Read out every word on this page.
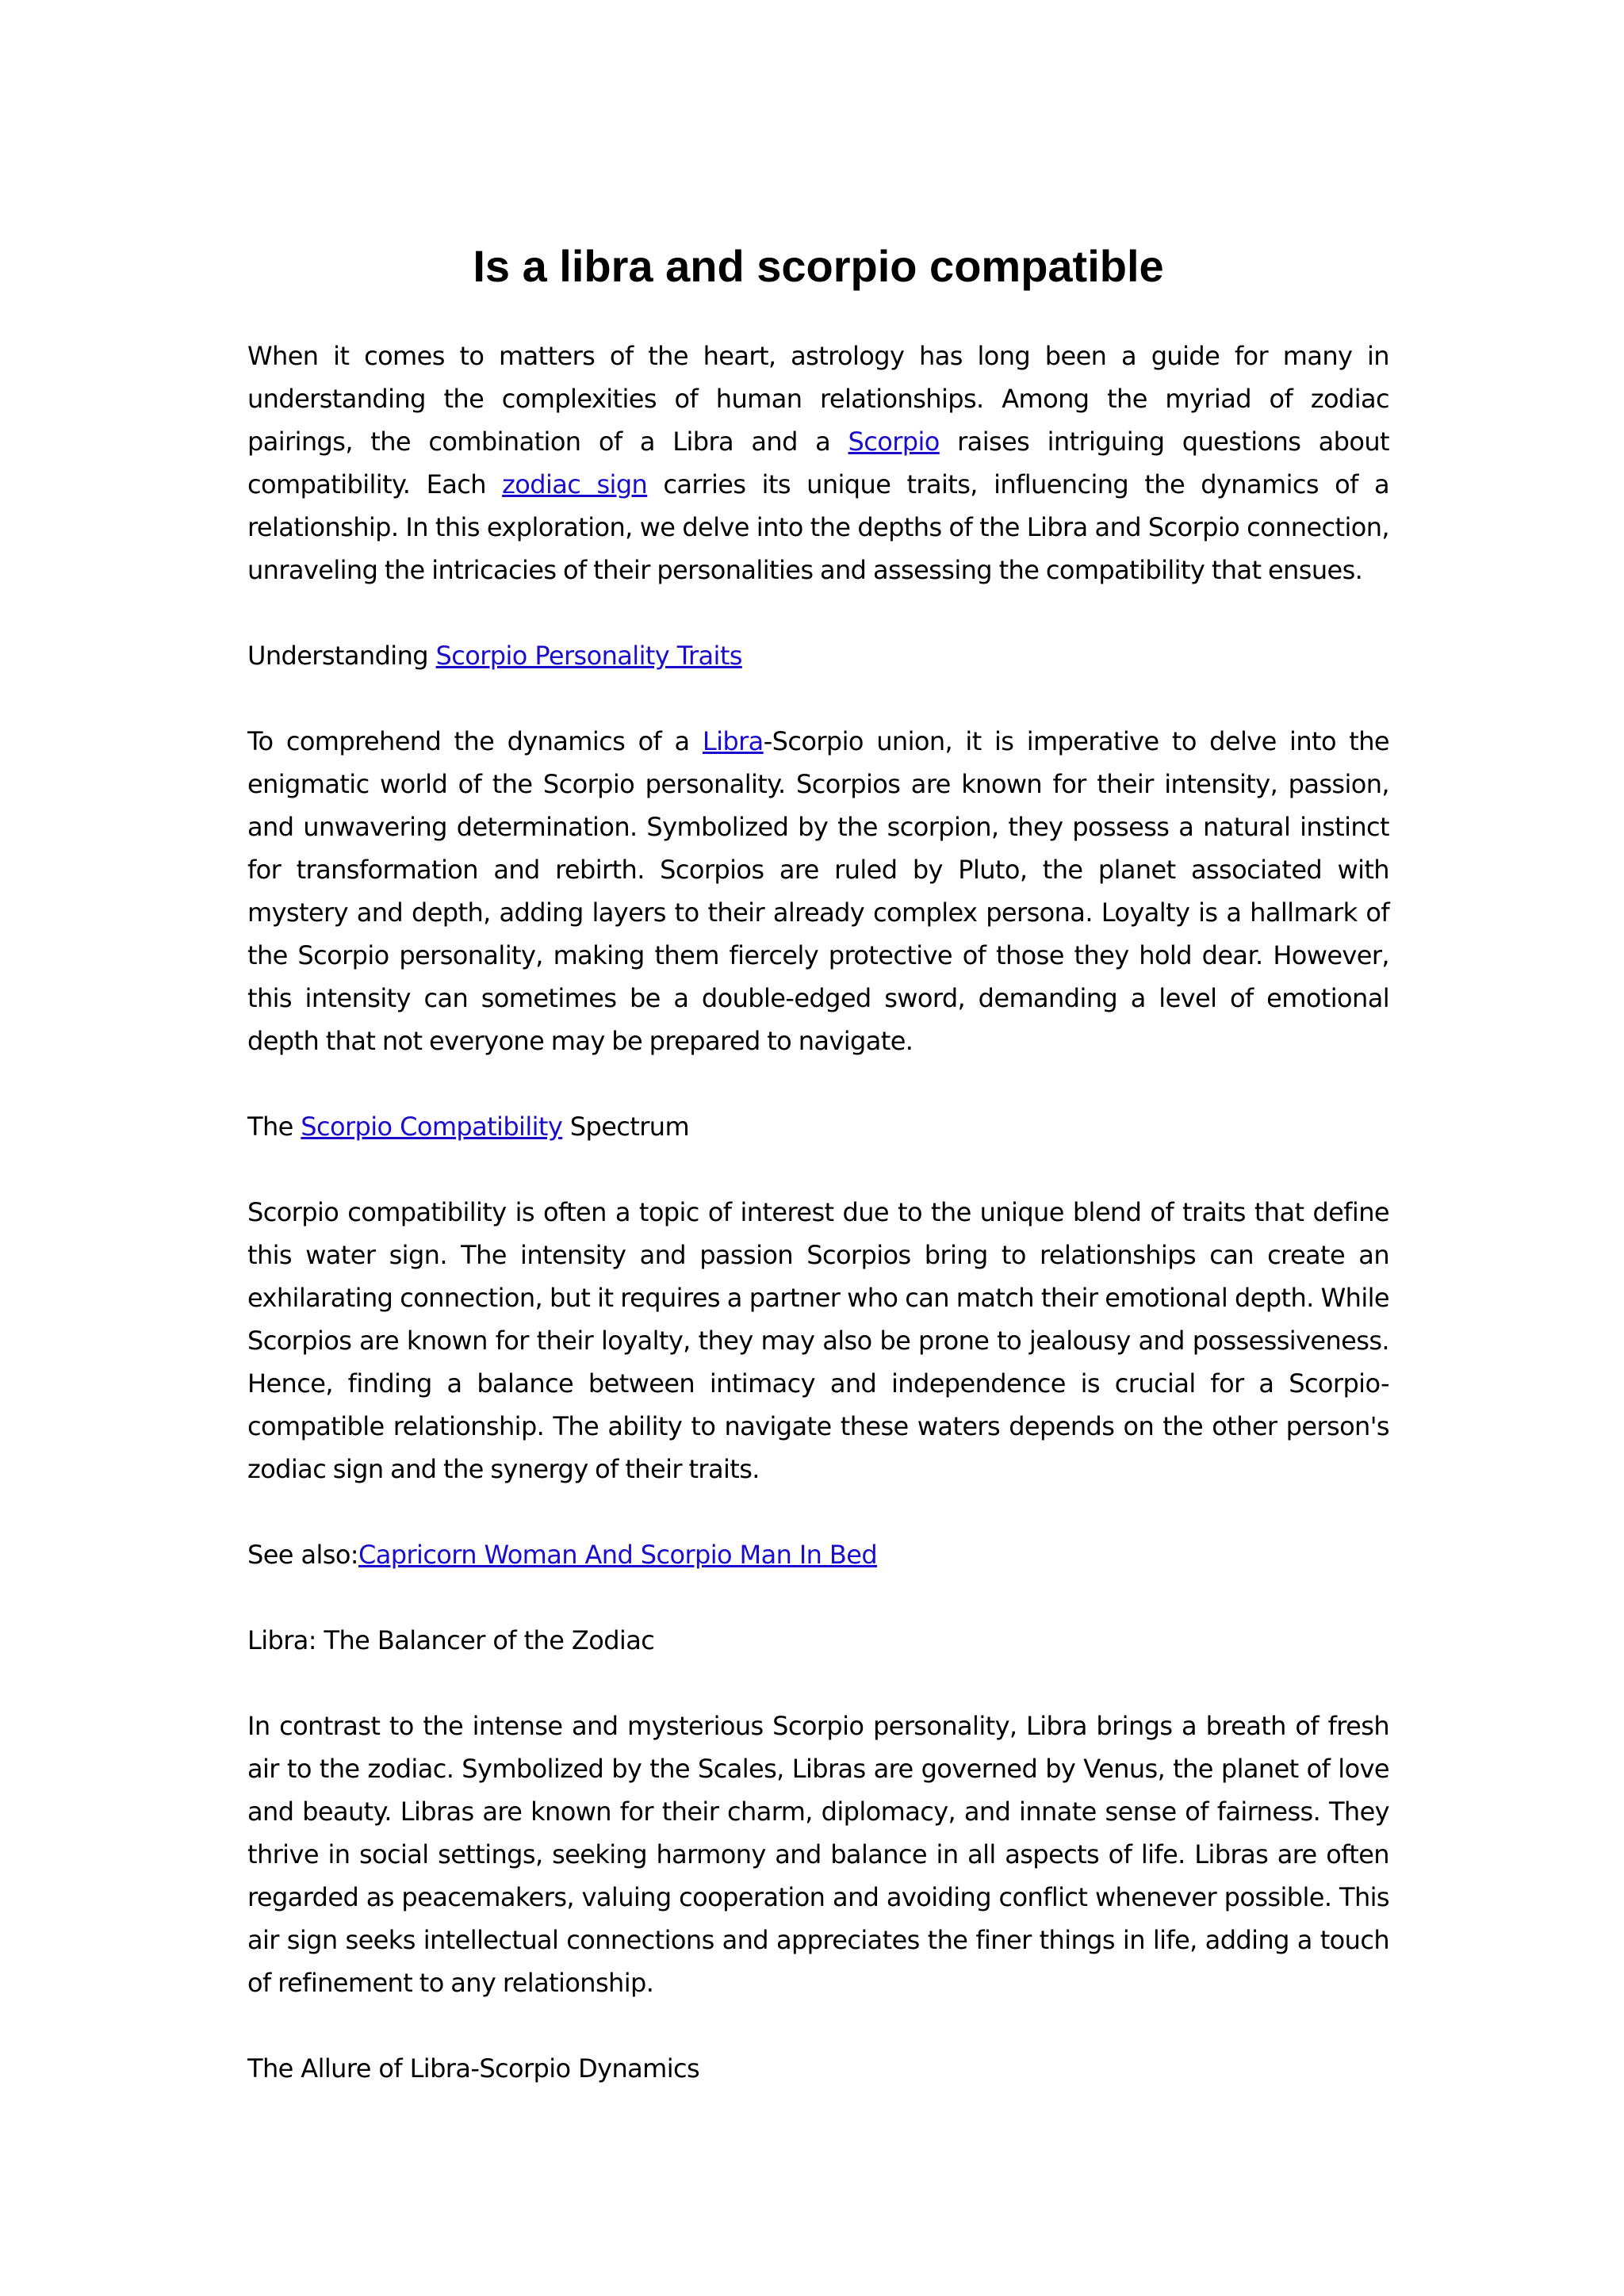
Is a libra and scorpio compatible

When it comes to matters of the heart, astrology has long been a guide for many in understanding the complexities of human relationships. Among the myriad of zodiac pairings, the combination of a Libra and a Scorpio raises intriguing questions about compatibility. Each zodiac sign carries its unique traits, influencing the dynamics of a relationship. In this exploration, we delve into the depths of the Libra and Scorpio connection, unraveling the intricacies of their personalities and assessing the compatibility that ensues.

Understanding Scorpio Personality Traits

To comprehend the dynamics of a Libra-Scorpio union, it is imperative to delve into the enigmatic world of the Scorpio personality. Scorpios are known for their intensity, passion, and unwavering determination. Symbolized by the scorpion, they possess a natural instinct for transformation and rebirth. Scorpios are ruled by Pluto, the planet associated with mystery and depth, adding layers to their already complex persona. Loyalty is a hallmark of the Scorpio personality, making them fiercely protective of those they hold dear. However, this intensity can sometimes be a double-edged sword, demanding a level of emotional depth that not everyone may be prepared to navigate.

The Scorpio Compatibility Spectrum

Scorpio compatibility is often a topic of interest due to the unique blend of traits that define this water sign. The intensity and passion Scorpios bring to relationships can create an exhilarating connection, but it requires a partner who can match their emotional depth. While Scorpios are known for their loyalty, they may also be prone to jealousy and possessiveness. Hence, finding a balance between intimacy and independence is crucial for a Scorpio-compatible relationship. The ability to navigate these waters depends on the other person's zodiac sign and the synergy of their traits.

See also:Capricorn Woman And Scorpio Man In Bed

Libra: The Balancer of the Zodiac

In contrast to the intense and mysterious Scorpio personality, Libra brings a breath of fresh air to the zodiac. Symbolized by the Scales, Libras are governed by Venus, the planet of love and beauty. Libras are known for their charm, diplomacy, and innate sense of fairness. They thrive in social settings, seeking harmony and balance in all aspects of life. Libras are often regarded as peacemakers, valuing cooperation and avoiding conflict whenever possible. This air sign seeks intellectual connections and appreciates the finer things in life, adding a touch of refinement to any relationship.

The Allure of Libra-Scorpio Dynamics
